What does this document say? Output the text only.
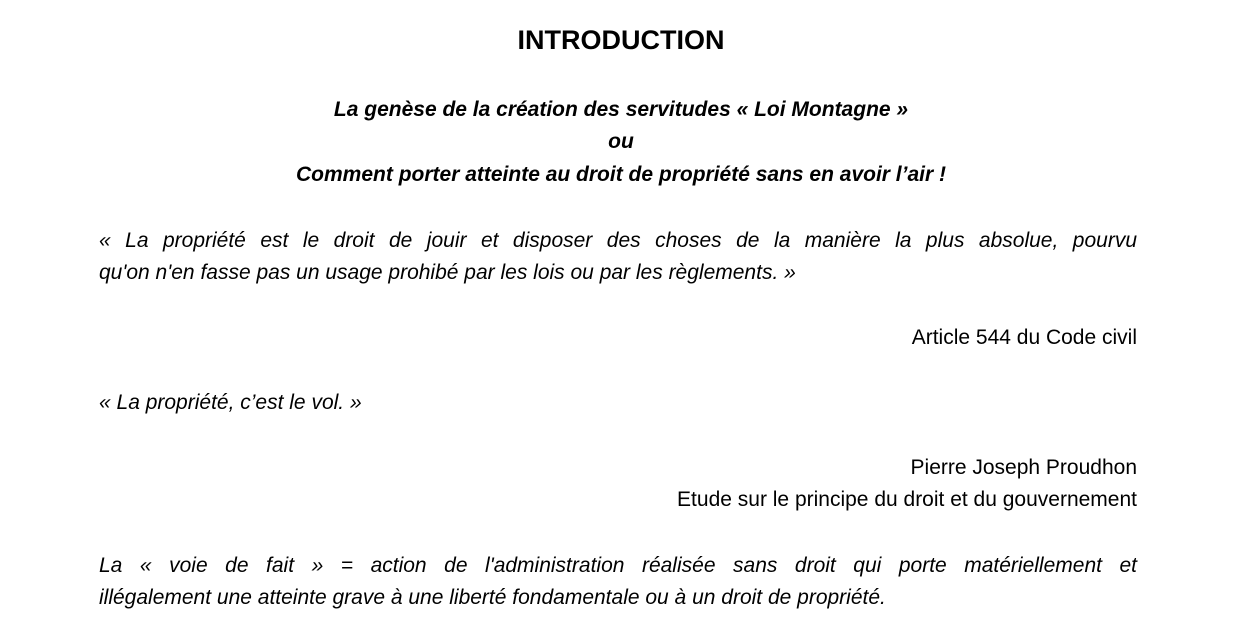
INTRODUCTION
La genèse de la création des servitudes « Loi Montagne »
ou
Comment porter atteinte au droit de propriété sans en avoir l’air !
« La propriété est le droit de jouir et disposer des choses de la manière la plus absolue, pourvu
qu'on n'en fasse pas un usage prohibé par les lois ou par les règlements. »
Article 544 du Code civil
« La propriété, c’est le vol. »
Pierre Joseph Proudhon
Etude sur le principe du droit et du gouvernement
La « voie de fait » = action de l'administration réalisée sans droit qui porte matériellement et
illégalement une atteinte grave à une liberté fondamentale ou à un droit de propriété.
